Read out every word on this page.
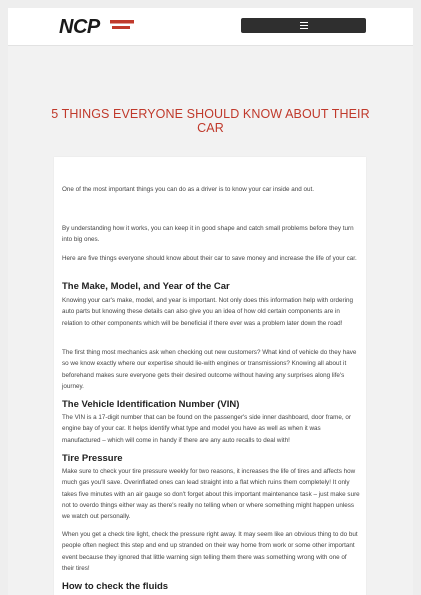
NCP
5 THINGS EVERYONE SHOULD KNOW ABOUT THEIR CAR

One of the most important things you can do as a driver is to know your car inside and out.

By understanding how it works, you can keep it in good shape and catch small problems before they turn into big ones.

Here are five things everyone should know about their car to save money and increase the life of your car.

The Make, Model, and Year of the Car

Knowing your car's make, model, and year is important. Not only does this information help with ordering auto parts but knowing these details can also give you an idea of how old certain components are in relation to other components which will be beneficial if there ever was a problem later down the road!

The first thing most mechanics ask when checking out new customers? What kind of vehicle do they have so we know exactly where our expertise should lie-with engines or transmissions? Knowing all about it beforehand makes sure everyone gets their desired outcome without having any surprises along life's journey.

The Vehicle Identification Number (VIN)

The VIN is a 17-digit number that can be found on the passenger's side inner dashboard, door frame, or engine bay of your car. It helps identify what type and model you have as well as when it was manufactured – which will come in handy if there are any auto recalls to deal with!

Tire Pressure

Make sure to check your tire pressure weekly for two reasons, it increases the life of tires and affects how much gas you'll save. Overinflated ones can lead straight into a flat which ruins them completely! It only takes five minutes with an air gauge so don't forget about this important maintenance task – just make sure not to overdo things either way as there's really no telling when or where something might happen unless we watch out personally.

When you get a check tire light, check the pressure right away. It may seem like an obvious thing to do but people often neglect this step and end up stranded on their way home from work or some other important event because they ignored that little warning sign telling them there was something wrong with one of their tires!

How to check the fluids
